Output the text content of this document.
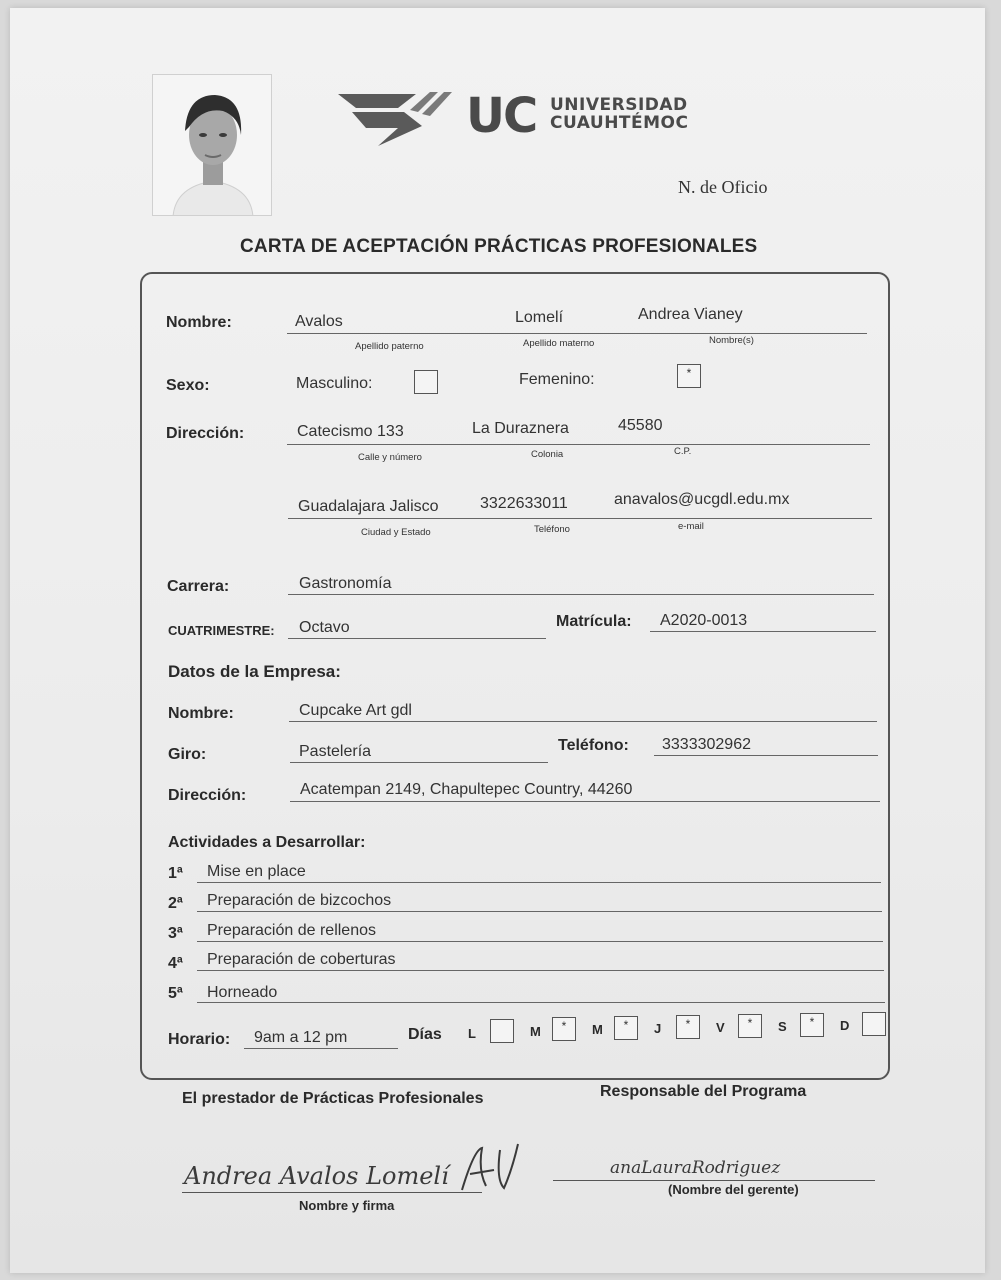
UC UNIVERSIDAD
CUAUHTÉMOC
N. de Oficio
CARTA DE ACEPTACIÓN PRÁCTICAS PROFESIONALES
Nombre:	Avalos	Lomelí	Andrea Vianey
Apellido paterno	Apellido materno	Nombre(s)
Sexo:	Masculino:	Femenino:	*
Dirección:	Catecismo 133	La Duraznera	45580
Calle y número	Colonia	C.P.
Guadalajara Jalisco	3322633011	anavalos@ucgdl.edu.mx
Ciudad y Estado	Teléfono	e-mail
Carrera:	Gastronomía
CUATRIMESTRE: Octavo	Matrícula: A2020-0013
Datos de la Empresa:
Nombre:	Cupcake Art gdl
Giro:	Pastelería	Teléfono: 3333302962
Dirección:	Acatempan 2149, Chapultepec Country, 44260
Actividades a Desarrollar:
1ª Mise en place
2ª Preparación de bizcochos
3ª Preparación de rellenos
4ª Preparación de coberturas
5ª Horneado
Horario: 9am a 12 pm	Días L	M	*	M	*	J	*	V	*	S	*	D
El prestador de Prácticas Profesionales	Responsable del Programa
Andrea Avalos Lomelí
Nombre y firma
anaLauraRodriguez
(Nombre del gerente)
